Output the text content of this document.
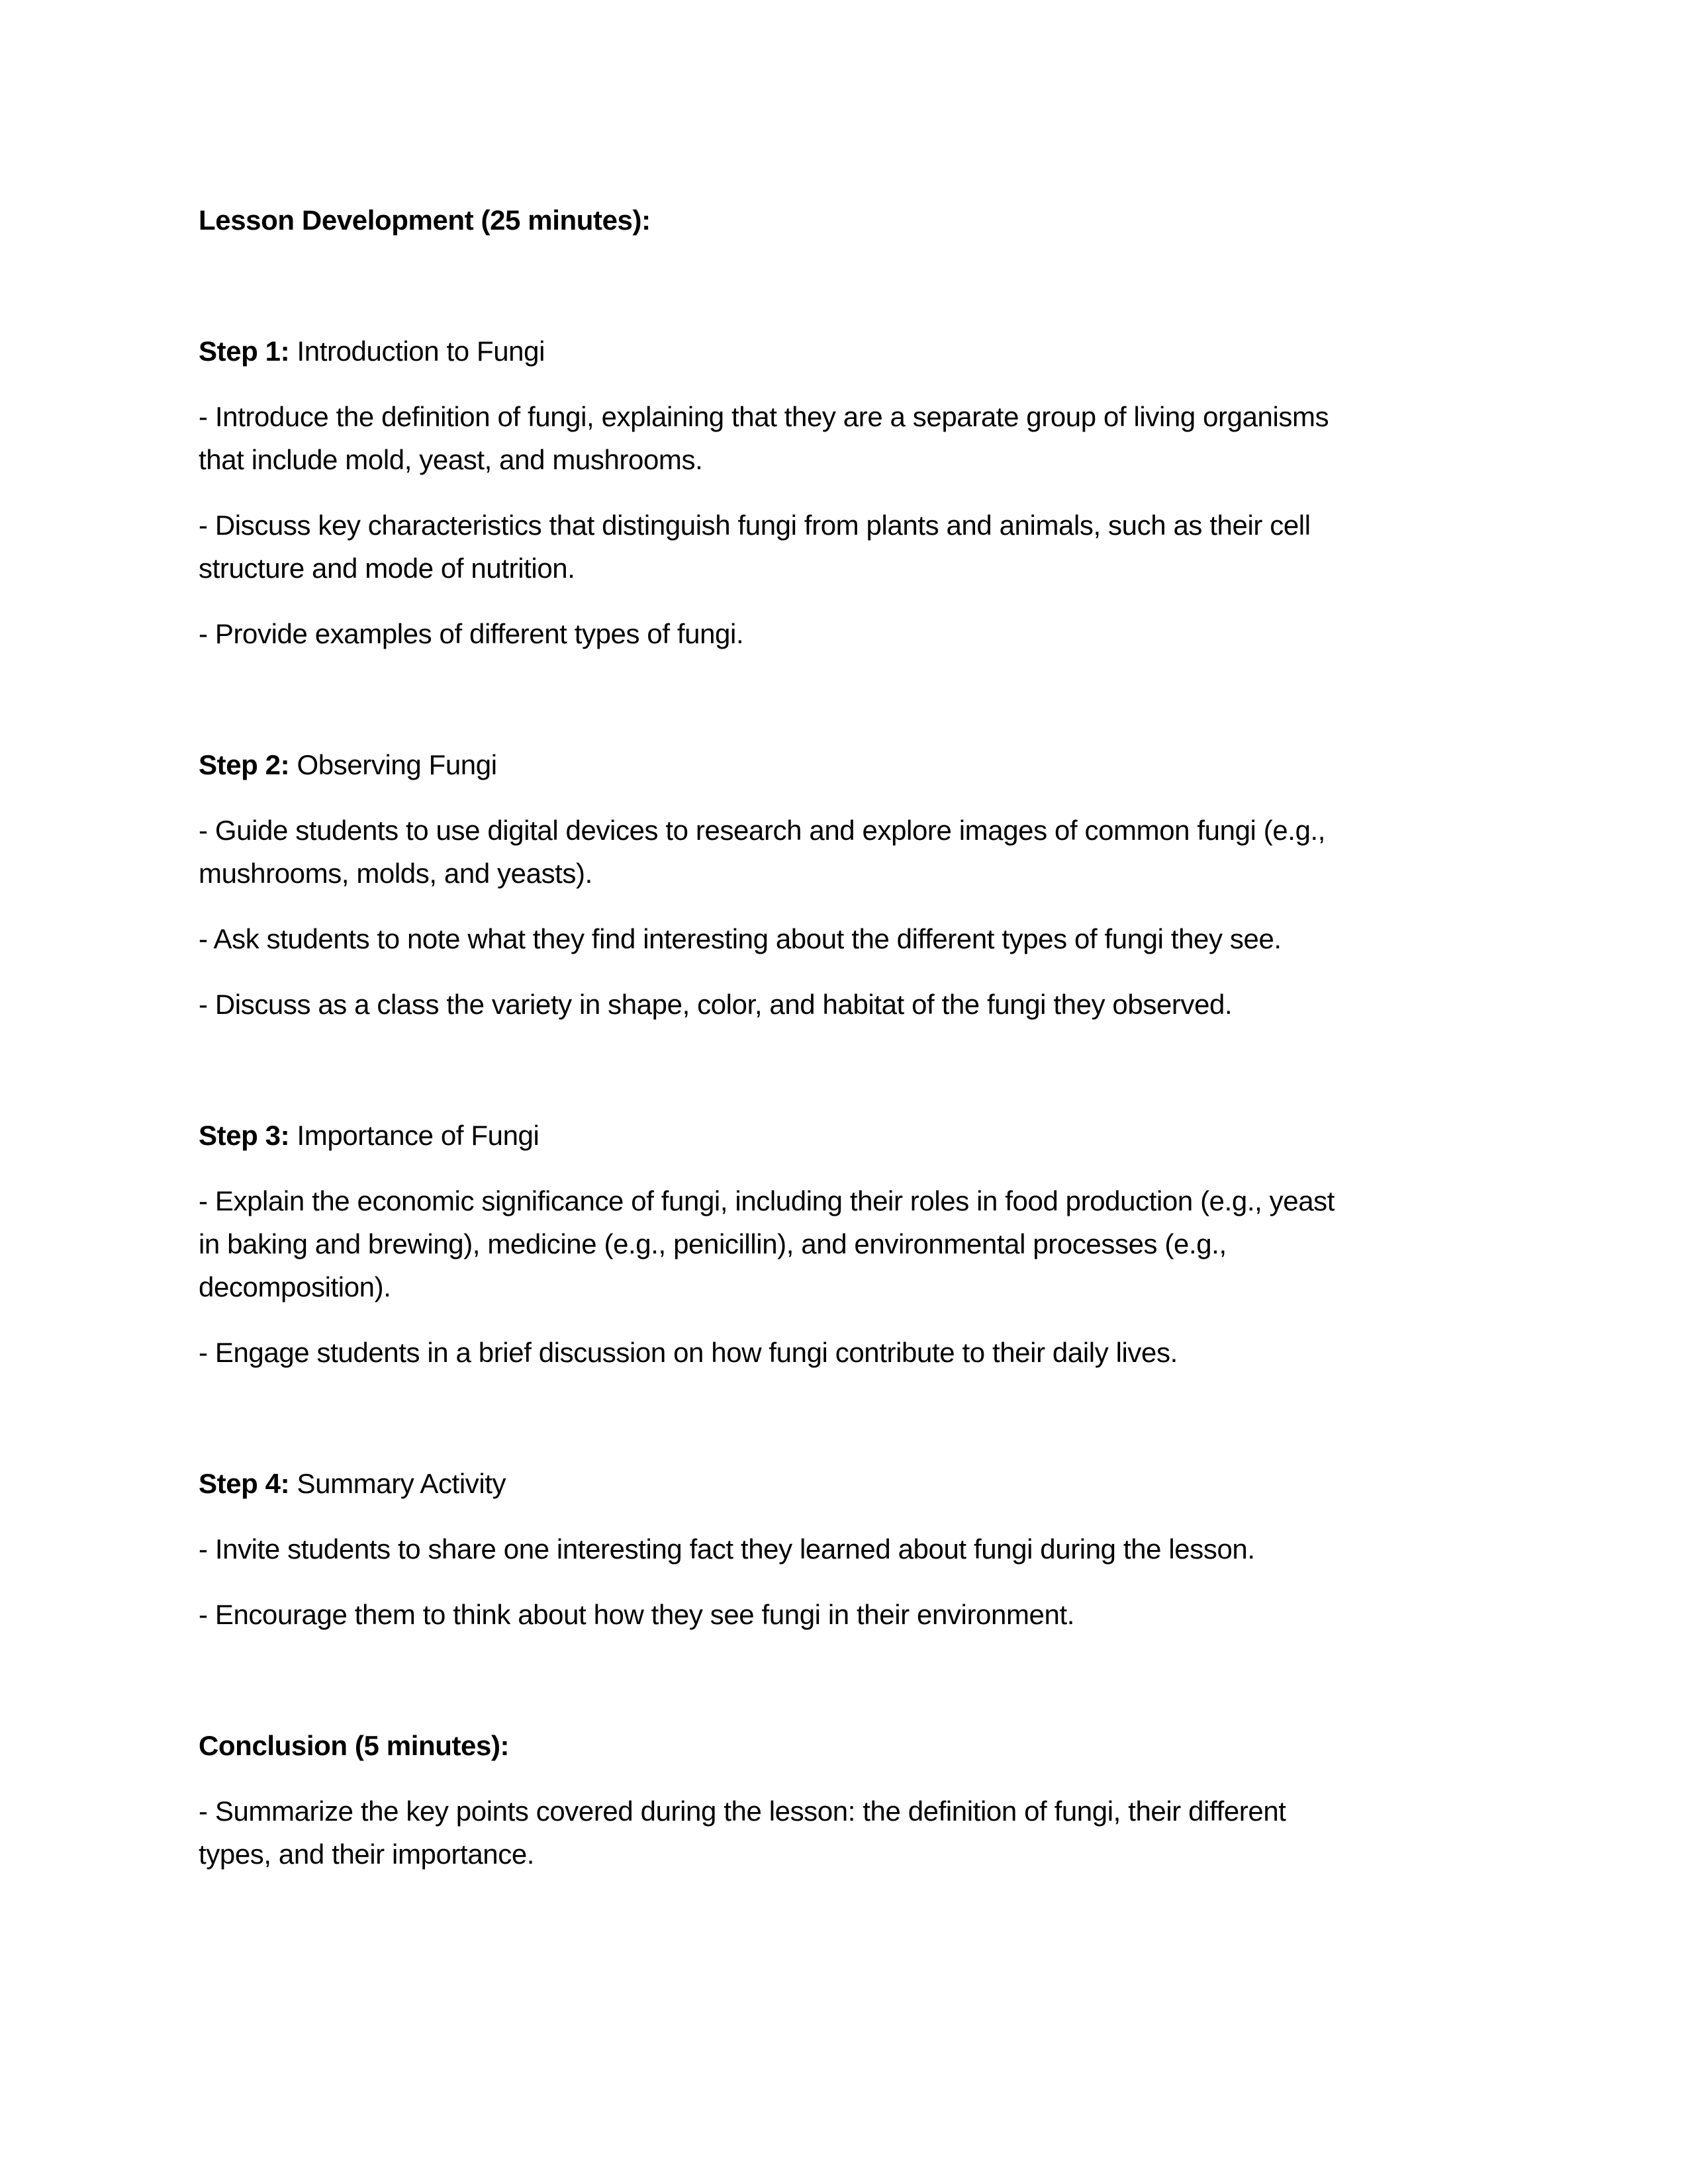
Lesson Development (25 minutes):

Step 1: Introduction to Fungi

- Introduce the definition of fungi, explaining that they are a separate group of living organisms
that include mold, yeast, and mushrooms.

- Discuss key characteristics that distinguish fungi from plants and animals, such as their cell
structure and mode of nutrition.

- Provide examples of different types of fungi.

Step 2: Observing Fungi

- Guide students to use digital devices to research and explore images of common fungi (e.g.,
mushrooms, molds, and yeasts).

- Ask students to note what they find interesting about the different types of fungi they see.

- Discuss as a class the variety in shape, color, and habitat of the fungi they observed.

Step 3: Importance of Fungi

- Explain the economic significance of fungi, including their roles in food production (e.g., yeast
in baking and brewing), medicine (e.g., penicillin), and environmental processes (e.g.,
decomposition).

- Engage students in a brief discussion on how fungi contribute to their daily lives.

Step 4: Summary Activity

- Invite students to share one interesting fact they learned about fungi during the lesson.

- Encourage them to think about how they see fungi in their environment.

Conclusion (5 minutes):

- Summarize the key points covered during the lesson: the definition of fungi, their different
types, and their importance.
